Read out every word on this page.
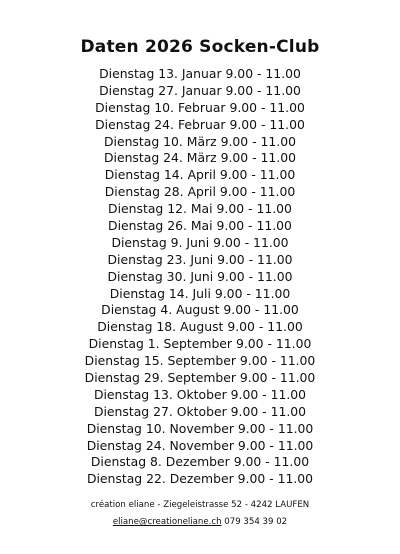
Daten 2026 Socken-Club
Dienstag 13. Januar 9.00 - 11.00
Dienstag 27. Januar 9.00 - 11.00
Dienstag 10. Februar 9.00 - 11.00
Dienstag 24. Februar 9.00 - 11.00
Dienstag 10. März 9.00 - 11.00
Dienstag 24. März 9.00 - 11.00
Dienstag 14. April 9.00 - 11.00
Dienstag 28. April 9.00 - 11.00
Dienstag 12. Mai 9.00 - 11.00
Dienstag 26. Mai 9.00 - 11.00
Dienstag 9. Juni 9.00 - 11.00
Dienstag 23. Juni 9.00 - 11.00
Dienstag 30. Juni 9.00 - 11.00
Dienstag 14. Juli 9.00 - 11.00
Dienstag 4. August 9.00 - 11.00
Dienstag 18. August 9.00 - 11.00
Dienstag 1. September 9.00 - 11.00
Dienstag 15. September 9.00 - 11.00
Dienstag 29. September 9.00 - 11.00
Dienstag 13. Oktober 9.00 - 11.00
Dienstag 27. Oktober 9.00 - 11.00
Dienstag 10. November 9.00 - 11.00
Dienstag 24. November 9.00 - 11.00
Dienstag 8. Dezember 9.00 - 11.00
Dienstag 22. Dezember 9.00 - 11.00
création eliane - Ziegeleistrasse 52 - 4242 LAUFEN
eliane@creationeliane.ch 079 354 39 02
